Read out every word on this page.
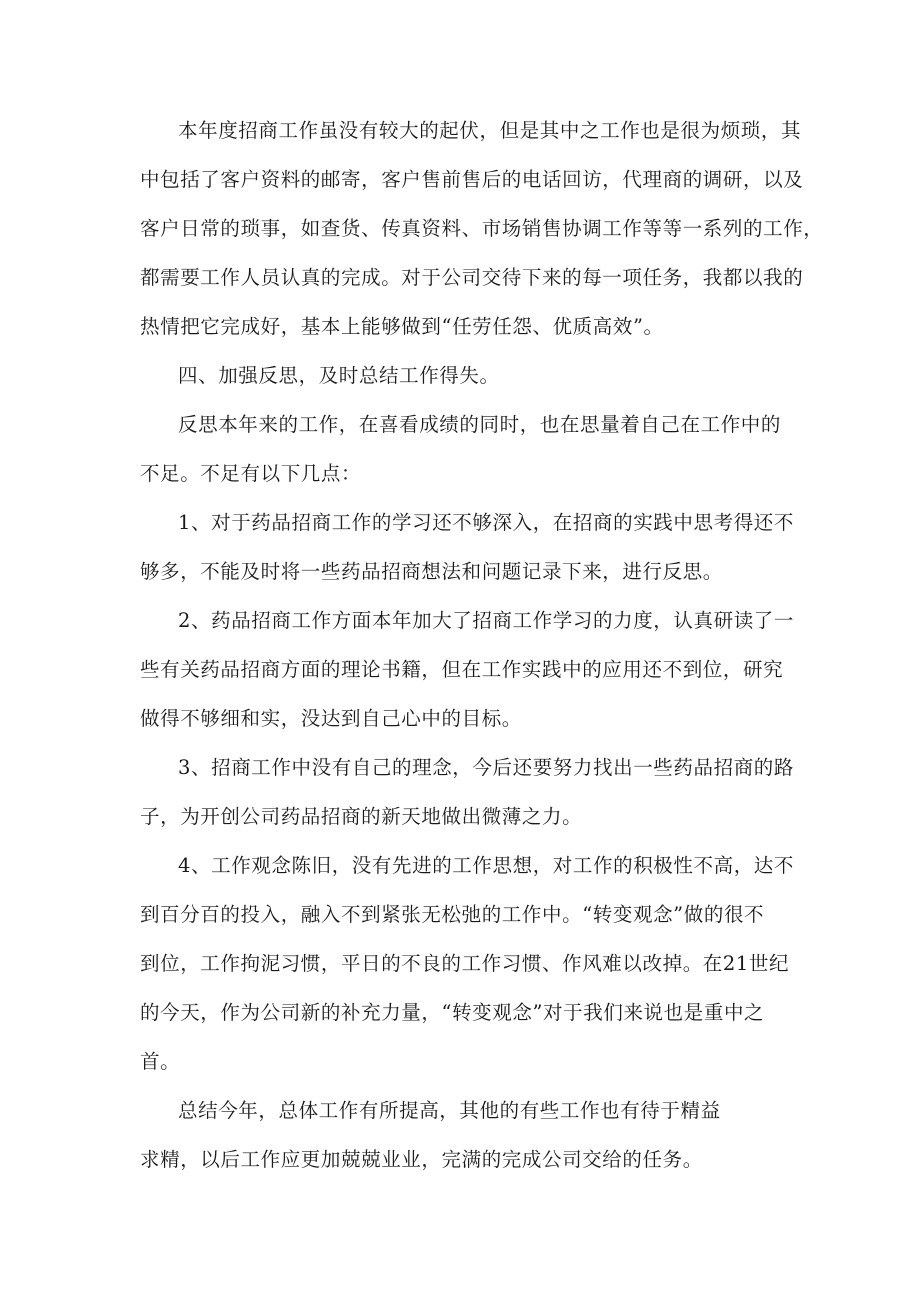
本年度招商工作虽没有较大的起伏，但是其中之工作也是很为烦琐，其
中包括了客户资料的邮寄，客户售前售后的电话回访，代理商的调研，以及
客户日常的琐事，如查货、传真资料、市场销售协调工作等等一系列的工作，
都需要工作人员认真的完成。对于公司交待下来的每一项任务，我都以我的
热情把它完成好，基本上能够做到“任劳任怨、优质高效”。
四、加强反思，及时总结工作得失。
反思本年来的工作，在喜看成绩的同时，也在思量着自己在工作中的
不足。不足有以下几点：
1、对于药品招商工作的学习还不够深入，在招商的实践中思考得还不
够多，不能及时将一些药品招商想法和问题记录下来，进行反思。
2、药品招商工作方面本年加大了招商工作学习的力度，认真研读了一
些有关药品招商方面的理论书籍，但在工作实践中的应用还不到位，研究
做得不够细和实，没达到自己心中的目标。
3、招商工作中没有自己的理念，今后还要努力找出一些药品招商的路
子，为开创公司药品招商的新天地做出微薄之力。
4、工作观念陈旧，没有先进的工作思想，对工作的积极性不高，达不
到百分百的投入，融入不到紧张无松弛的工作中。“转变观念”做的很不
到位，工作拘泥习惯，平日的不良的工作习惯、作风难以改掉。在21世纪
的今天，作为公司新的补充力量，“转变观念”对于我们来说也是重中之
首。
总结今年，总体工作有所提高，其他的有些工作也有待于精益
求精，以后工作应更加兢兢业业，完满的完成公司交给的任务。
